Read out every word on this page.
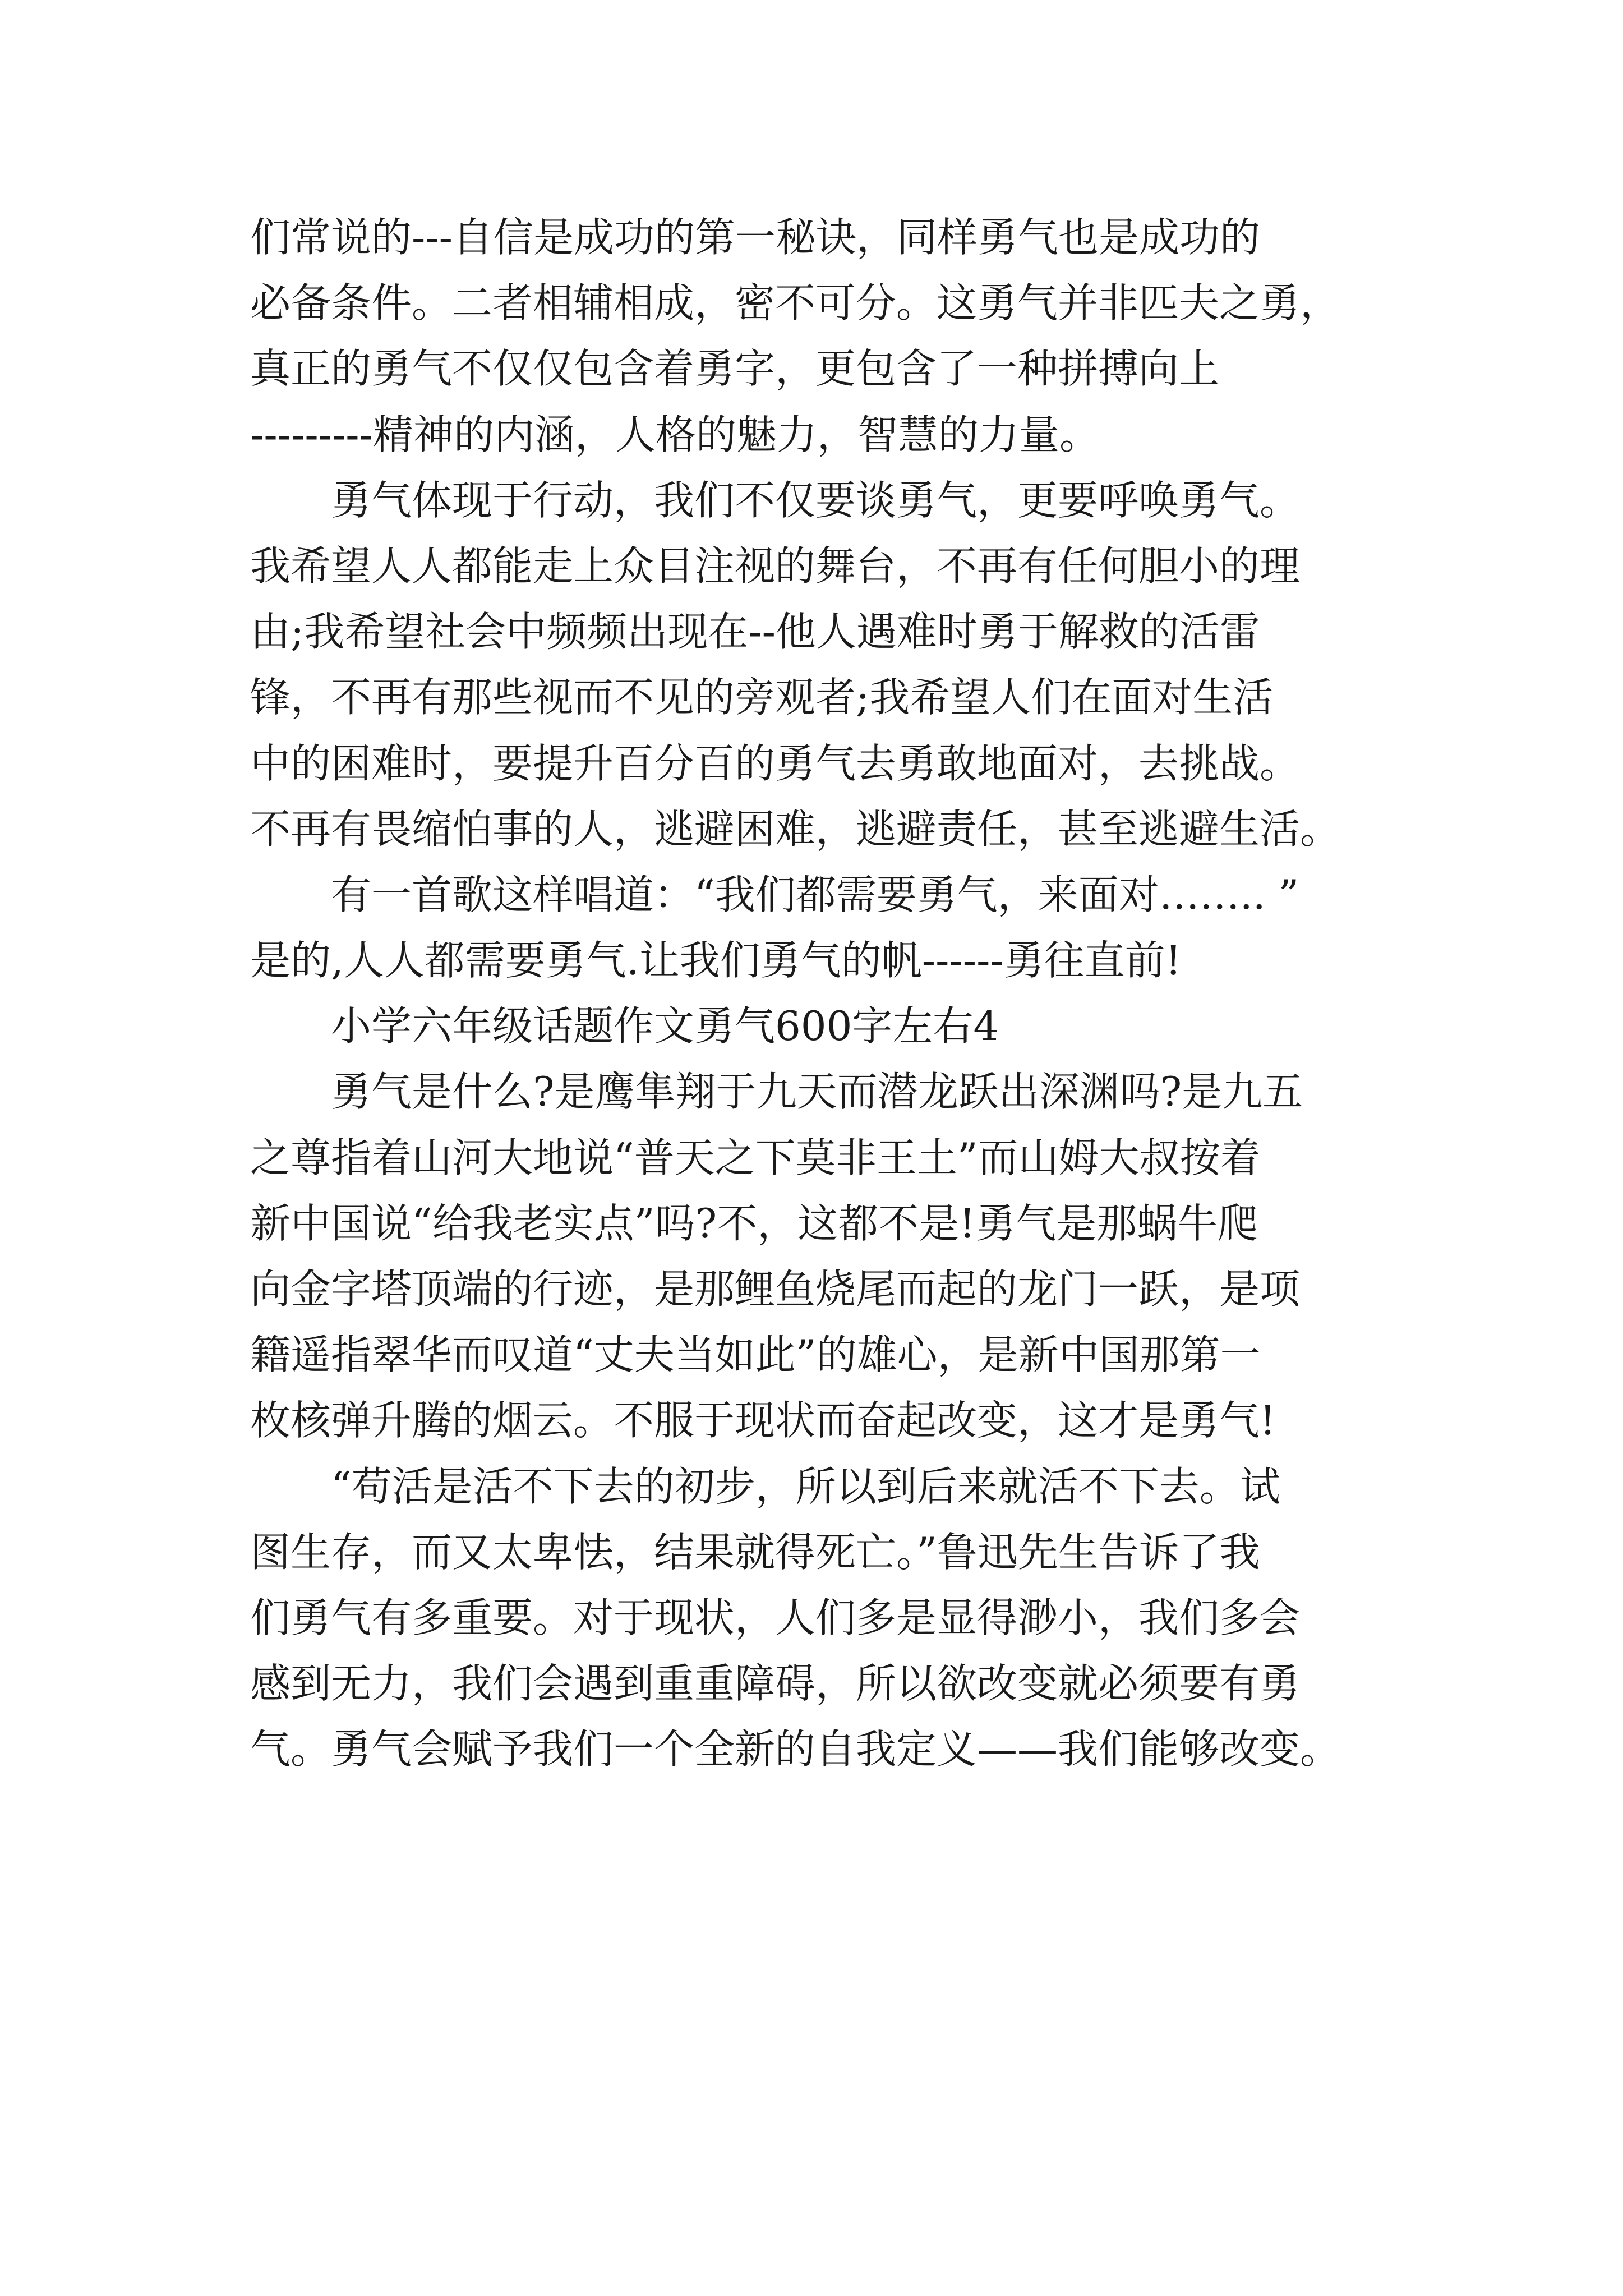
们常说的---自信是成功的第一秘诀，同样勇气也是成功的
必备条件。二者相辅相成，密不可分。这勇气并非匹夫之勇，
真正的勇气不仅仅包含着勇字，更包含了一种拼搏向上
---------精神的内涵，人格的魅力，智慧的力量。
勇气体现于行动，我们不仅要谈勇气，更要呼唤勇气。
我希望人人都能走上众目注视的舞台，不再有任何胆小的理
由;我希望社会中频频出现在--他人遇难时勇于解救的活雷
锋，不再有那些视而不见的旁观者;我希望人们在面对生活
中的困难时，要提升百分百的勇气去勇敢地面对，去挑战。
不再有畏缩怕事的人，逃避困难，逃避责任，甚至逃避生活。
有一首歌这样唱道：“我们都需要勇气，来面对…….. ”
是的,人人都需要勇气.让我们勇气的帆------勇往直前!
小学六年级话题作文勇气600字左右4
勇气是什么?是鹰隼翔于九天而潜龙跃出深渊吗?是九五
之尊指着山河大地说“普天之下莫非王土”而山姆大叔按着
新中国说“给我老实点”吗?不，这都不是!勇气是那蜗牛爬
向金字塔顶端的行迹，是那鲤鱼烧尾而起的龙门一跃，是项
籍遥指翠华而叹道“丈夫当如此”的雄心，是新中国那第一
枚核弹升腾的烟云。不服于现状而奋起改变，这才是勇气!
“苟活是活不下去的初步，所以到后来就活不下去。试
图生存，而又太卑怯，结果就得死亡。”鲁迅先生告诉了我
们勇气有多重要。对于现状，人们多是显得渺小，我们多会
感到无力，我们会遇到重重障碍，所以欲改变就必须要有勇
气。勇气会赋予我们一个全新的自我定义——我们能够改变。
